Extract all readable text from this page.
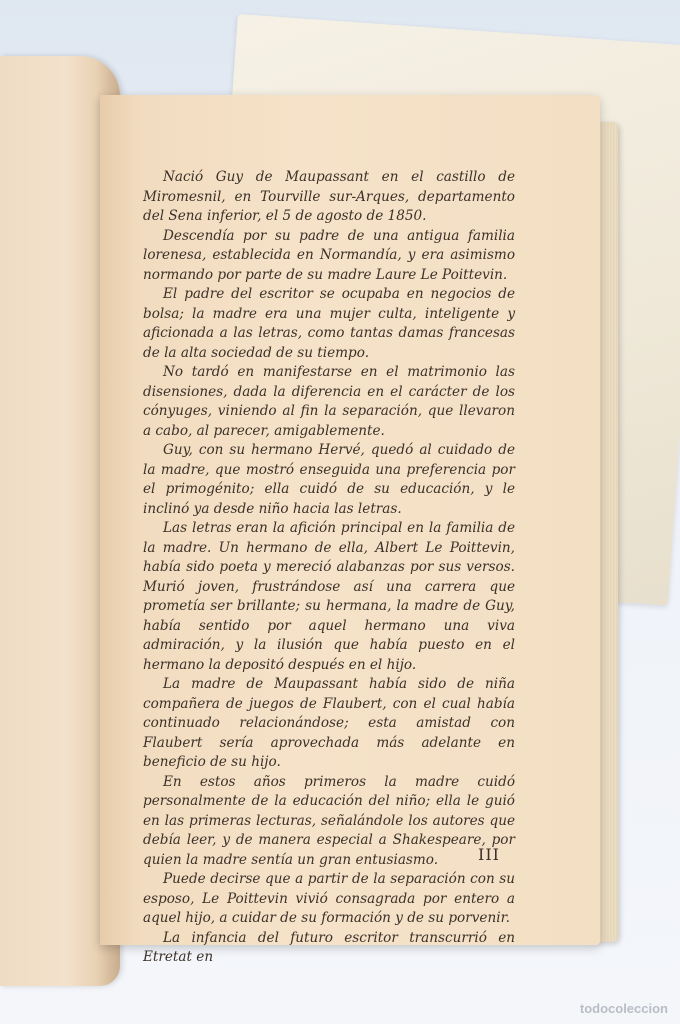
Nació Guy de Maupassant en el castillo de Miromesnil, en Tourville sur-Arques, departamento del Sena inferior, el 5 de agosto de 1850.

Descendía por su padre de una antigua familia lorenesa, establecida en Normandía, y era asimismo normando por parte de su madre Laure Le Poittevin.

El padre del escritor se ocupaba en negocios de bolsa; la madre era una mujer culta, inteligente y aficionada a las letras, como tantas damas francesas de la alta sociedad de su tiempo.

No tardó en manifestarse en el matrimonio las disensiones, dada la diferencia en el carácter de los cónyuges, viniendo al fin la separación, que llevaron a cabo, al parecer, amigablemente.

Guy, con su hermano Hervé, quedó al cuidado de la madre, que mostró enseguida una preferencia por el primogénito; ella cuidó de su educación, y le inclinó ya desde niño hacia las letras.

Las letras eran la afición principal en la familia de la madre. Un hermano de ella, Albert Le Poittevin, había sido poeta y mereció alabanzas por sus versos. Murió joven, frustrándose así una carrera que prometía ser brillante; su hermana, la madre de Guy, había sentido por aquel hermano una viva admiración, y la ilusión que había puesto en el hermano la depositó después en el hijo.

La madre de Maupassant había sido de niña compañera de juegos de Flaubert, con el cual había continuado relacionándose; esta amistad con Flaubert sería aprovechada más adelante en beneficio de su hijo.

En estos años primeros la madre cuidó personalmente de la educación del niño; ella le guió en las primeras lecturas, señalándole los autores que debía leer, y de manera especial a Shakespeare, por quien la madre sentía un gran entusiasmo.

Puede decirse que a partir de la separación con su esposo, Le Poittevin vivió consagrada por entero a aquel hijo, a cuidar de su formación y de su porvenir.

La infancia del futuro escritor transcurrió en Etretat en

III
todocoleccion
